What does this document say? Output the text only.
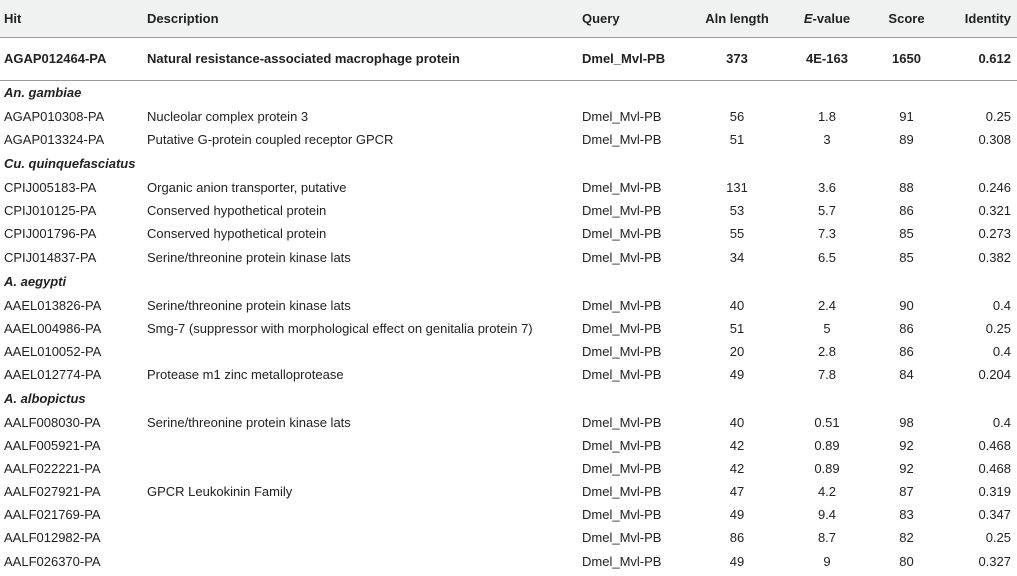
Hit	Description	Query	Aln length	E-value	Score	Identity
AGAP012464-PA	Natural resistance-associated macrophage protein	Dmel_Mvl-PB	373	4E-163	1650	0.612
An. gambiae						
AGAP010308-PA	Nucleolar complex protein 3	Dmel_Mvl-PB	56	1.8	91	0.25
AGAP013324-PA	Putative G-protein coupled receptor GPCR	Dmel_Mvl-PB	51	3	89	0.308
Cu. quinquefasciatus						
CPIJ005183-PA	Organic anion transporter, putative	Dmel_Mvl-PB	131	3.6	88	0.246
CPIJ010125-PA	Conserved hypothetical protein	Dmel_Mvl-PB	53	5.7	86	0.321
CPIJ001796-PA	Conserved hypothetical protein	Dmel_Mvl-PB	55	7.3	85	0.273
CPIJ014837-PA	Serine/threonine protein kinase lats	Dmel_Mvl-PB	34	6.5	85	0.382
A. aegypti						
AAEL013826-PA	Serine/threonine protein kinase lats	Dmel_Mvl-PB	40	2.4	90	0.4
AAEL004986-PA	Smg-7 (suppressor with morphological effect on genitalia protein 7)	Dmel_Mvl-PB	51	5	86	0.25
AAEL010052-PA		Dmel_Mvl-PB	20	2.8	86	0.4
AAEL012774-PA	Protease m1 zinc metalloprotease	Dmel_Mvl-PB	49	7.8	84	0.204
A. albopictus						
AALF008030-PA	Serine/threonine protein kinase lats	Dmel_Mvl-PB	40	0.51	98	0.4
AALF005921-PA		Dmel_Mvl-PB	42	0.89	92	0.468
AALF022221-PA		Dmel_Mvl-PB	42	0.89	92	0.468
AALF027921-PA	GPCR Leukokinin Family	Dmel_Mvl-PB	47	4.2	87	0.319
AALF021769-PA		Dmel_Mvl-PB	49	9.4	83	0.347
AALF012982-PA		Dmel_Mvl-PB	86	8.7	82	0.25
AALF026370-PA		Dmel_Mvl-PB	49	9	80	0.327
